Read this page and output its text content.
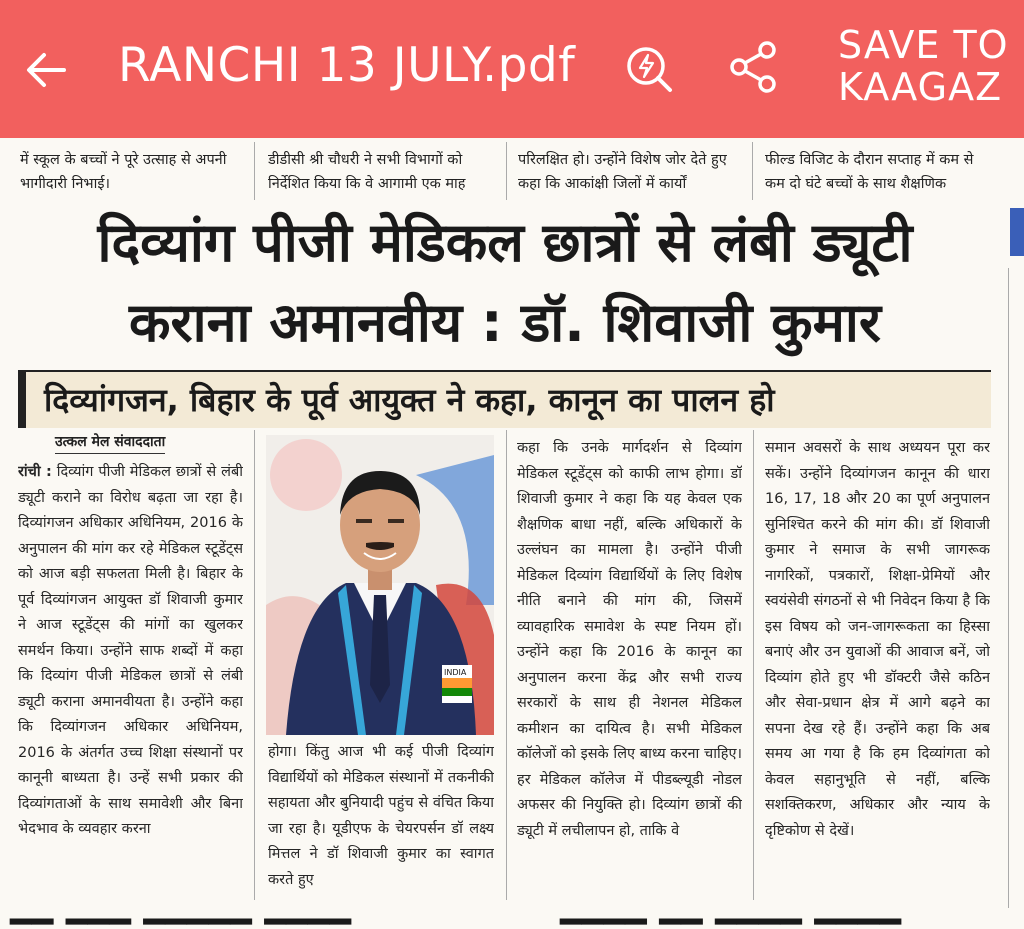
RANCHI 13 JULY.pdf	SAVE TO
KAAGAZ
में स्कूल के बच्चों ने पूरे उत्साह से अपनी भागीदारी निभाई।
डीडीसी श्री चौधरी ने सभी विभागों को निर्देशित किया कि वे आगामी एक माह
परिलक्षित हो। उन्होंने विशेष जोर देते हुए कहा कि आकांक्षी जिलों में कार्यों
फील्ड विजिट के दौरान सप्ताह में कम से कम दो घंटे बच्चों के साथ शैक्षणिक
दिव्यांग पीजी मेडिकल छात्रों से लंबी ड्यूटी
कराना अमानवीय : डॉ. शिवाजी कुमार
दिव्यांगजन, बिहार के पूर्व आयुक्त ने कहा, कानून का पालन हो
उत्कल मेल संवाददाता
रांची : दिव्यांग पीजी मेडिकल छात्रों से लंबी ड्यूटी कराने का विरोध बढ़ता जा रहा है। दिव्यांगजन अधिकार अधिनियम, 2016 के अनुपालन की मांग कर रहे मेडिकल स्टूडेंट्स को आज बड़ी सफलता मिली है। बिहार के पूर्व दिव्यांगजन आयुक्त डॉ शिवाजी कुमार ने आज स्टूडेंट्स की मांगों का खुलकर समर्थन किया। उन्होंने साफ शब्दों में कहा कि दिव्यांग पीजी मेडिकल छात्रों से लंबी ड्यूटी कराना अमानवीयता है। उन्होंने कहा कि दिव्यांगजन अधिकार अधिनियम, 2016 के अंतर्गत उच्च शिक्षा संस्थानों पर कानूनी बाध्यता है। उन्हें सभी प्रकार की दिव्यांगताओं के साथ समावेशी और बिना भेदभाव के व्यवहार करना
INDIA
होगा। किंतु आज भी कई पीजी दिव्यांग विद्यार्थियों को मेडिकल संस्थानों में तकनीकी सहायता और बुनियादी पहुंच से वंचित किया जा रहा है। यूडीएफ के चेयरपर्सन डॉ लक्ष्य मित्तल ने डॉ शिवाजी कुमार का स्वागत करते हुए
कहा कि उनके मार्गदर्शन से दिव्यांग मेडिकल स्टूडेंट्स को काफी लाभ होगा। डॉ शिवाजी कुमार ने कहा कि यह केवल एक शैक्षणिक बाधा नहीं, बल्कि अधिकारों के उल्लंघन का मामला है। उन्होंने पीजी मेडिकल दिव्यांग विद्यार्थियों के लिए विशेष नीति बनाने की मांग की, जिसमें व्यावहारिक समावेश के स्पष्ट नियम हों। उन्होंने कहा कि 2016 के कानून का अनुपालन करना केंद्र और सभी राज्य सरकारों के साथ ही नेशनल मेडिकल कमीशन का दायित्व है। सभी मेडिकल कॉलेजों को इसके लिए बाध्य करना चाहिए। हर मेडिकल कॉलेज में पीडब्ल्यूडी नोडल अफसर की नियुक्ति हो। दिव्यांग छात्रों की ड्यूटी में लचीलापन हो, ताकि वे
समान अवसरों के साथ अध्ययन पूरा कर सकें। उन्होंने दिव्यांगजन कानून की धारा 16, 17, 18 और 20 का पूर्ण अनुपालन सुनिश्चित करने की मांग की। डॉ शिवाजी कुमार ने समाज के सभी जागरूक नागरिकों, पत्रकारों, शिक्षा-प्रेमियों और स्वयंसेवी संगठनों से भी निवेदन किया है कि इस विषय को जन-जागरूकता का हिस्सा बनाएं और उन युवाओं की आवाज बनें, जो दिव्यांग होते हुए भी डॉक्टरी जैसे कठिन और सेवा-प्रधान क्षेत्र में आगे बढ़ने का सपना देख रहे हैं। उन्होंने कहा कि अब समय आ गया है कि हम दिव्यांगता को केवल सहानुभूति से नहीं, बल्कि सशक्तिकरण, अधिकार और न्याय के दृष्टिकोण से देखें।
━━ ━━━ ━━━━━ ━━━━	━━━━ ━━ ━━━━ ━━━━
